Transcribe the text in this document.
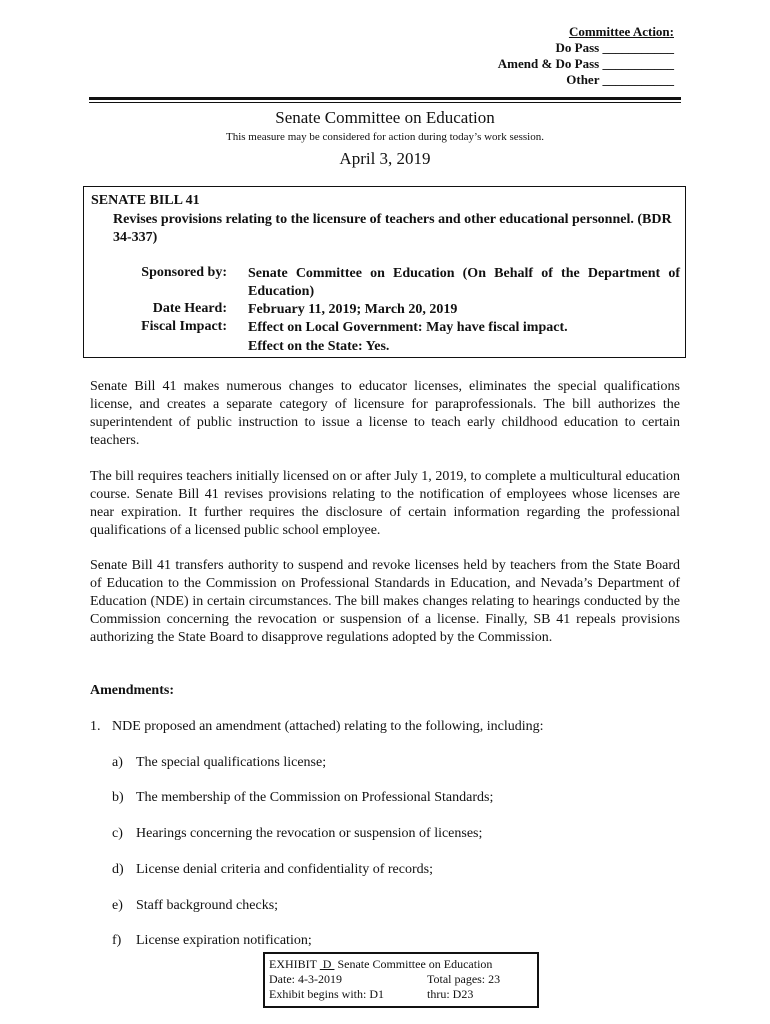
Committee Action:
Do Pass ___________
Amend & Do Pass ___________
Other ___________
Senate Committee on Education
This measure may be considered for action during today’s work session.
April 3, 2019
SENATE BILL 41
Revises provisions relating to the licensure of teachers and other educational personnel. (BDR 34-337)
Sponsored by: Senate Committee on Education (On Behalf of the Department of Education)
Date Heard: February 11, 2019; March 20, 2019
Fiscal Impact: Effect on Local Government: May have fiscal impact.
Effect on the State: Yes.
Senate Bill 41 makes numerous changes to educator licenses, eliminates the special qualifications license, and creates a separate category of licensure for paraprofessionals. The bill authorizes the superintendent of public instruction to issue a license to teach early childhood education to certain teachers.
The bill requires teachers initially licensed on or after July 1, 2019, to complete a multicultural education course. Senate Bill 41 revises provisions relating to the notification of employees whose licenses are near expiration. It further requires the disclosure of certain information regarding the professional qualifications of a licensed public school employee.
Senate Bill 41 transfers authority to suspend and revoke licenses held by teachers from the State Board of Education to the Commission on Professional Standards in Education, and Nevada’s Department of Education (NDE) in certain circumstances. The bill makes changes relating to hearings conducted by the Commission concerning the revocation or suspension of a license. Finally, SB 41 repeals provisions authorizing the State Board to disapprove regulations adopted by the Commission.
Amendments:
1. NDE proposed an amendment (attached) relating to the following, including:
a) The special qualifications license;
b) The membership of the Commission on Professional Standards;
c) Hearings concerning the revocation or suspension of licenses;
d) License denial criteria and confidentiality of records;
e) Staff background checks;
f) License expiration notification;
EXHIBIT  D  Senate Committee on Education
Date: 4-3-2019	Total pages: 23
Exhibit begins with: D1	thru: D23
